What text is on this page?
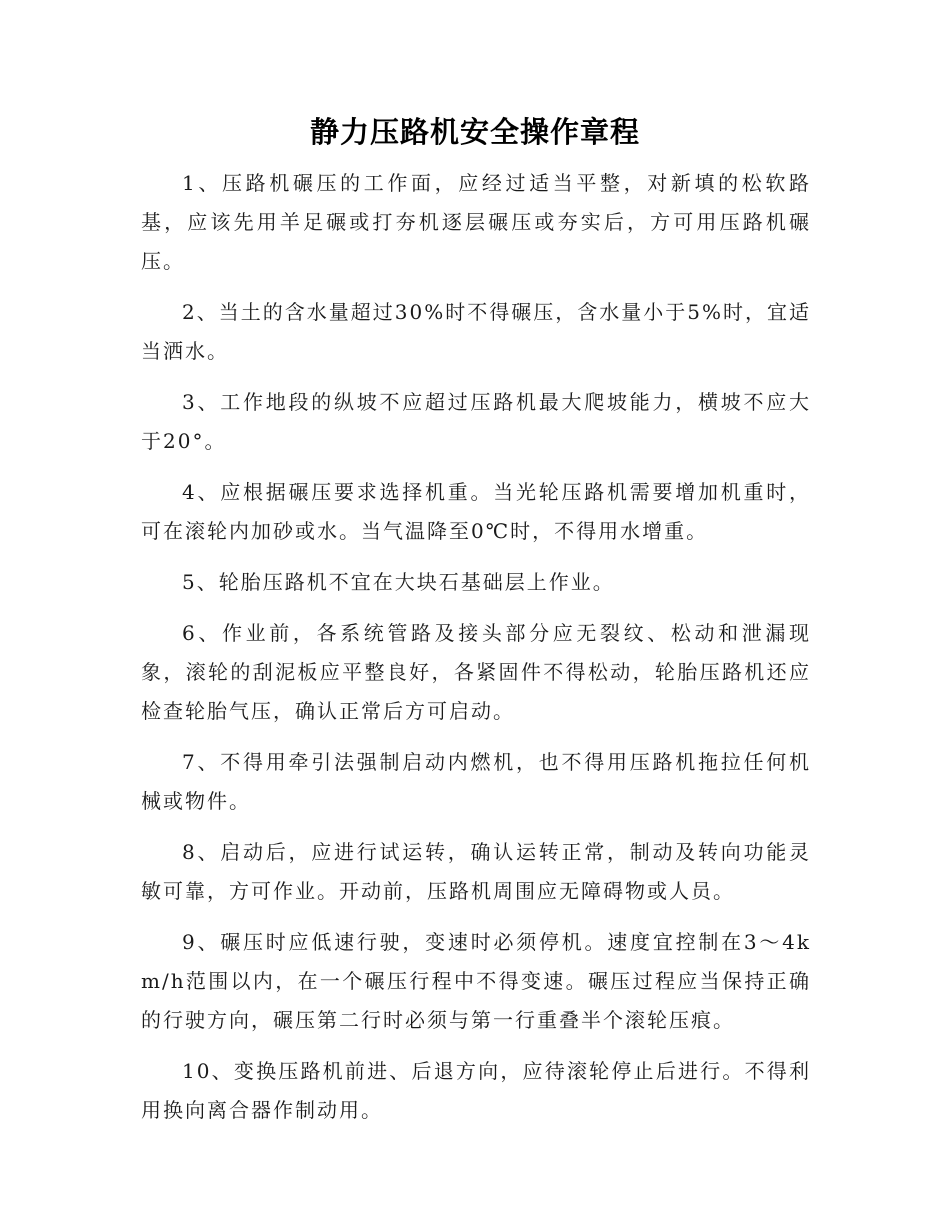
静力压路机安全操作章程

1、压路机碾压的工作面，应经过适当平整，对新填的松软路基，应该先用羊足碾或打夯机逐层碾压或夯实后，方可用压路机碾压。

2、当土的含水量超过30%时不得碾压，含水量小于5%时，宜适当洒水。

3、工作地段的纵坡不应超过压路机最大爬坡能力，横坡不应大于20°。

4、应根据碾压要求选择机重。当光轮压路机需要增加机重时，可在滚轮内加砂或水。当气温降至0℃时，不得用水增重。

5、轮胎压路机不宜在大块石基础层上作业。

6、作业前，各系统管路及接头部分应无裂纹、松动和泄漏现象，滚轮的刮泥板应平整良好，各紧固件不得松动，轮胎压路机还应检查轮胎气压，确认正常后方可启动。

7、不得用牵引法强制启动内燃机，也不得用压路机拖拉任何机械或物件。

8、启动后，应进行试运转，确认运转正常，制动及转向功能灵敏可靠，方可作业。开动前，压路机周围应无障碍物或人员。

9、碾压时应低速行驶，变速时必须停机。速度宜控制在3～4km/h范围以内，在一个碾压行程中不得变速。碾压过程应当保持正确的行驶方向，碾压第二行时必须与第一行重叠半个滚轮压痕。

10、变换压路机前进、后退方向，应待滚轮停止后进行。不得利用换向离合器作制动用。
